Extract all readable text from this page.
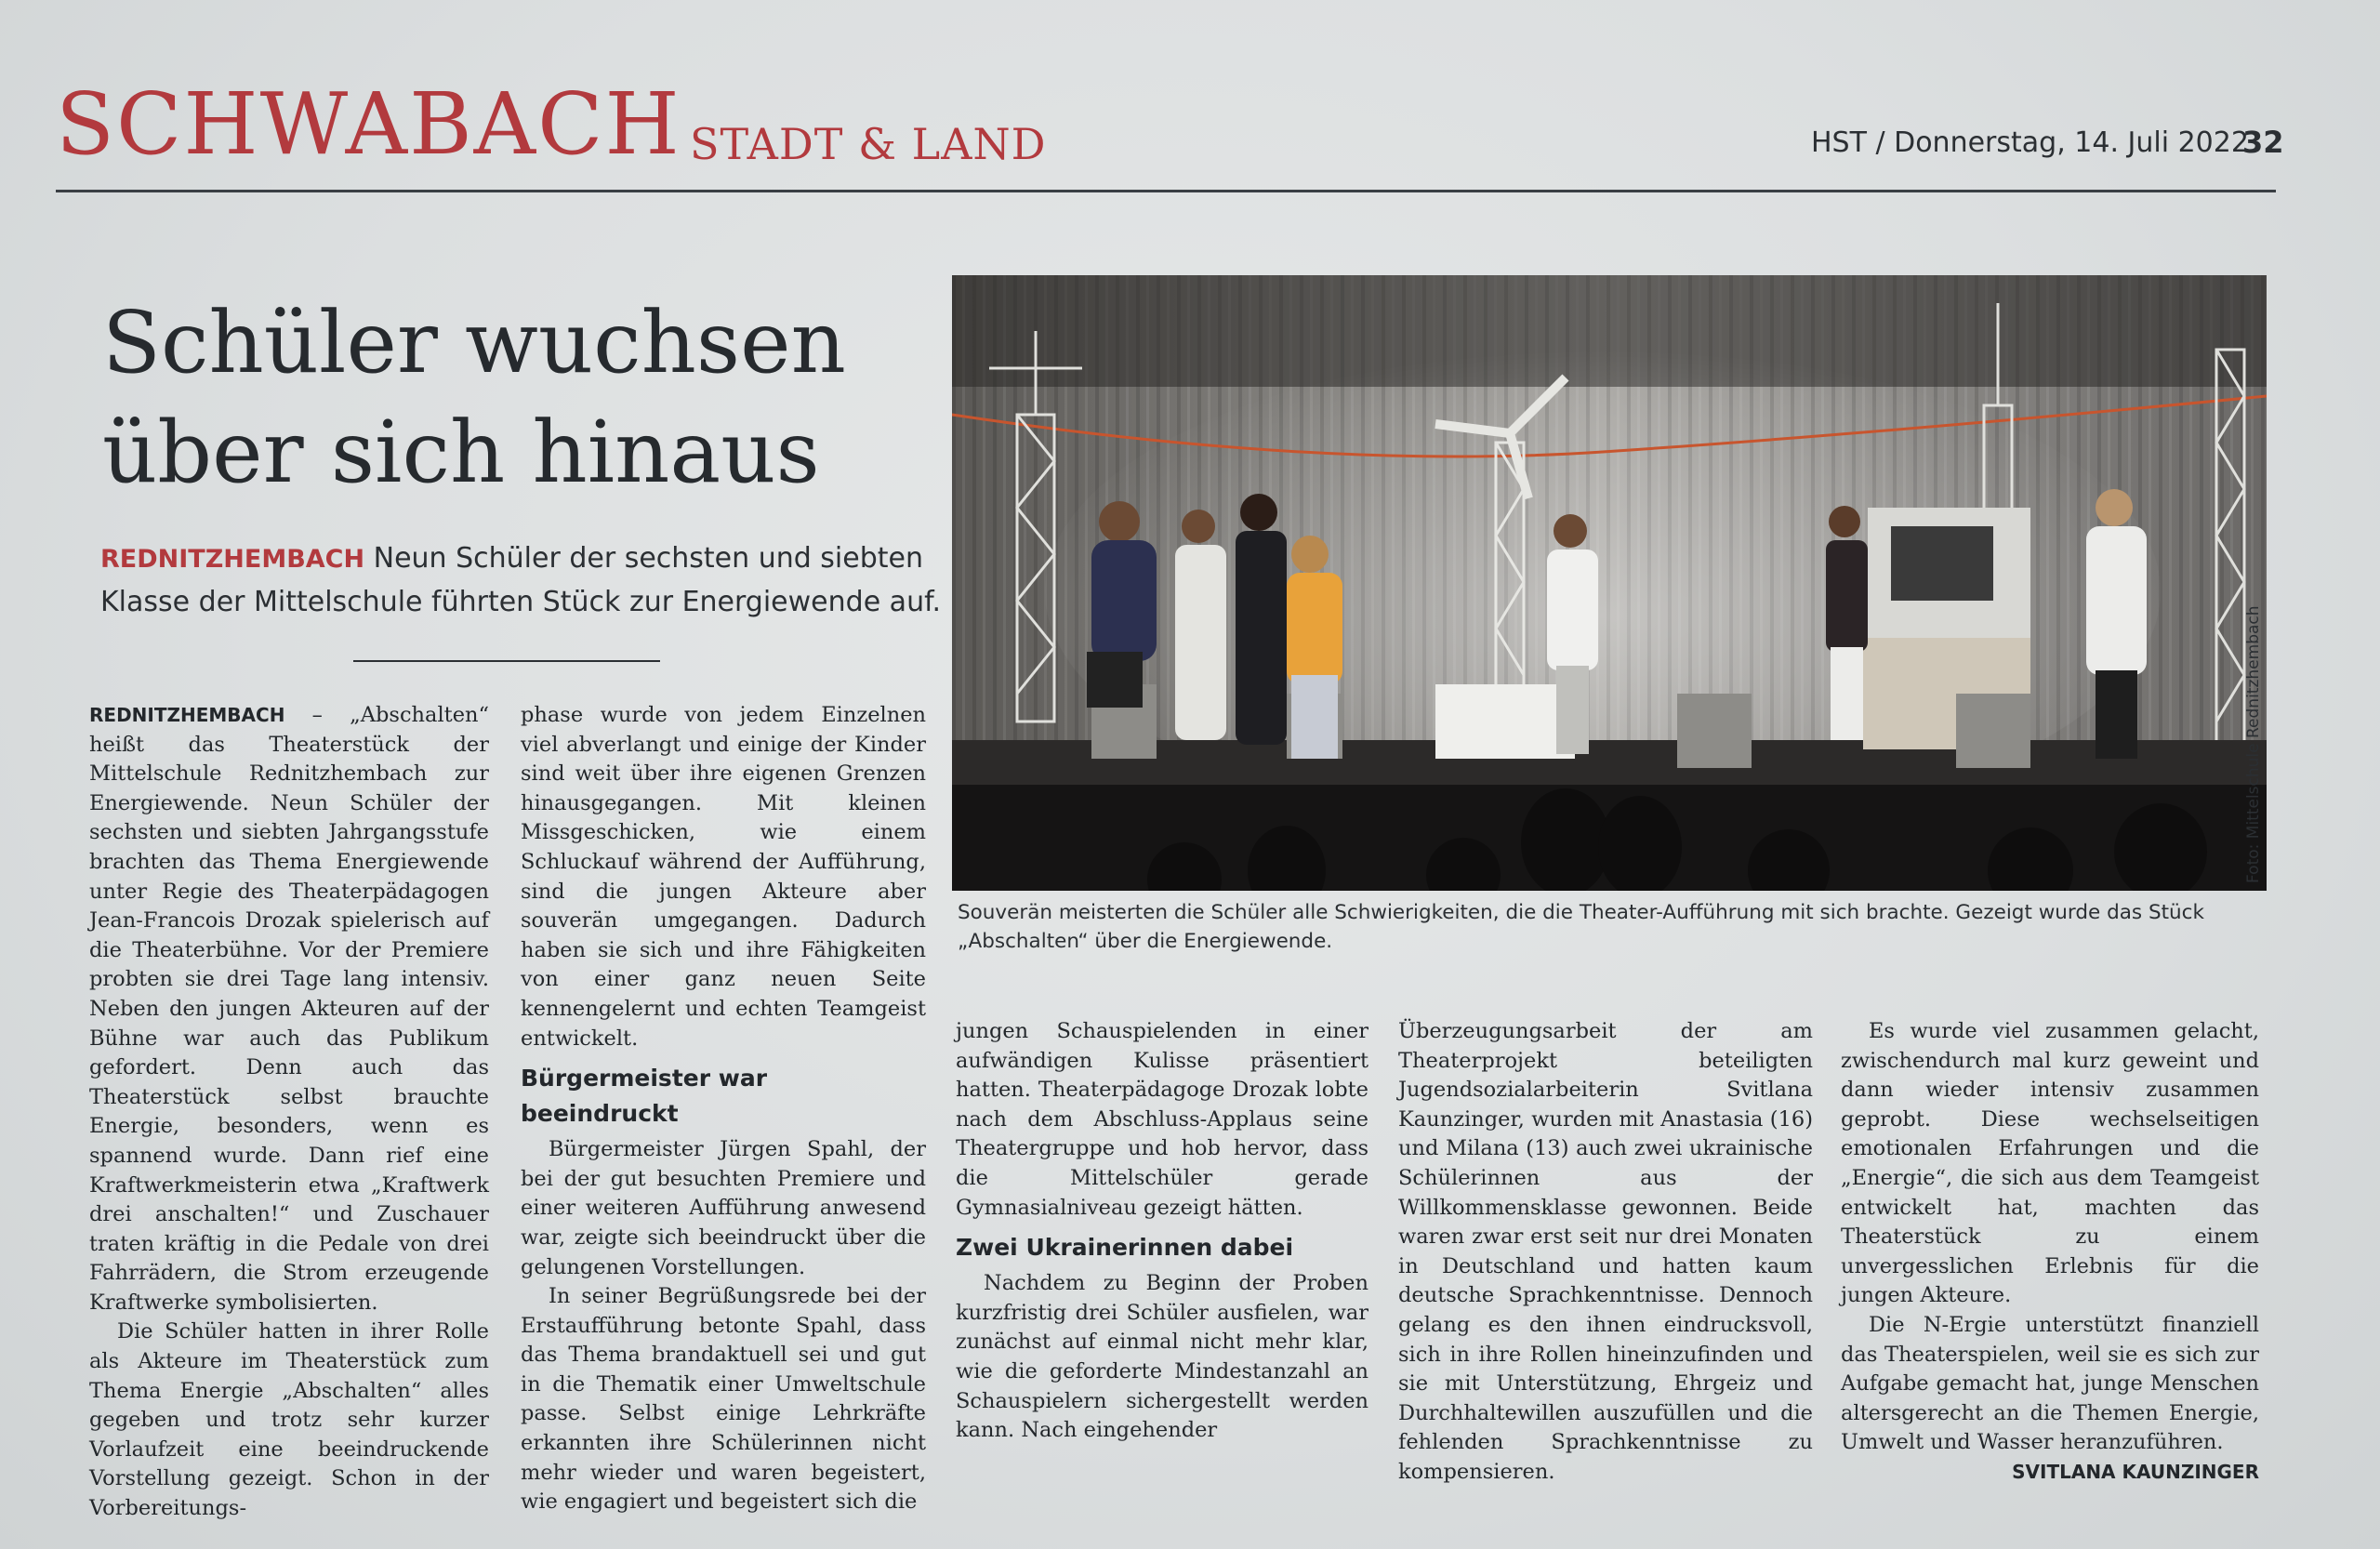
SCHWABACH STADT & LAND	HST / Donnerstag, 14. Juli 2022
32
Schüler wuchsen
über sich hinaus
REDNITZHEMBACH Neun Schüler der sechsten und siebten Klasse der Mittelschule führten Stück zur Energiewende auf.
Foto: Mittelschule Rednitzhembach
Souverän meisterten die Schüler alle Schwierigkeiten, die die Theater-Aufführung mit sich brachte. Gezeigt wurde das Stück „Abschalten“ über die Energiewende.

REDNITZHEMBACH – „Abschalten“ heißt das Theaterstück der Mittelschule Rednitzhembach zur Energiewende. Neun Schüler der sechsten und siebten Jahrgangsstufe brachten das Thema Energiewende unter Regie des Theaterpädagogen Jean-Francois Drozak spielerisch auf die Theaterbühne. Vor der Premiere probten sie drei Tage lang intensiv. Neben den jungen Akteuren auf der Bühne war auch das Publikum gefordert. Denn auch das Theaterstück selbst brauchte Energie, besonders, wenn es spannend wurde. Dann rief eine Kraftwerkmeisterin etwa „Kraftwerk drei anschalten!“ und Zuschauer traten kräftig in die Pedale von drei Fahrrädern, die Strom erzeugende Kraftwerke symbolisierten.

Die Schüler hatten in ihrer Rolle als Akteure im Theaterstück zum Thema Energie „Abschalten“ alles gegeben und trotz sehr kurzer Vorlaufzeit eine beeindruckende Vorstellung gezeigt. Schon in der Vorbereitungs-

phase wurde von jedem Einzelnen viel abverlangt und einige der Kinder sind weit über ihre eigenen Grenzen hinausgegangen. Mit kleinen Missgeschicken, wie einem Schluckauf während der Aufführung, sind die jungen Akteure aber souverän umgegangen. Dadurch haben sie sich und ihre Fähigkeiten von einer ganz neuen Seite kennengelernt und echten Teamgeist entwickelt.

Bürgermeister war beeindruckt

Bürgermeister Jürgen Spahl, der bei der gut besuchten Premiere und einer weiteren Aufführung anwesend war, zeigte sich beeindruckt über die gelungenen Vorstellungen.

In seiner Begrüßungsrede bei der Erstaufführung betonte Spahl, dass das Thema brandaktuell sei und gut in die Thematik einer Umweltschule passe. Selbst einige Lehrkräfte erkannten ihre Schülerinnen nicht mehr wieder und waren begeistert, wie engagiert und begeistert sich die

jungen Schauspielenden in einer aufwändigen Kulisse präsentiert hatten. Theaterpädagoge Drozak lobte nach dem Abschluss-Applaus seine Theatergruppe und hob hervor, dass die Mittelschüler gerade Gymnasialniveau gezeigt hätten.

Zwei Ukrainerinnen dabei

Nachdem zu Beginn der Proben kurzfristig drei Schüler ausfielen, war zunächst auf einmal nicht mehr klar, wie die geforderte Mindestanzahl an Schauspielern sichergestellt werden kann. Nach eingehender

Überzeugungsarbeit der am Theaterprojekt beteiligten Jugendsozialarbeiterin Svitlana Kaunzinger, wurden mit Anastasia (16) und Milana (13) auch zwei ukrainische Schülerinnen aus der Willkommensklasse gewonnen. Beide waren zwar erst seit nur drei Monaten in Deutschland und hatten kaum deutsche Sprachkenntnisse. Dennoch gelang es den ihnen eindrucksvoll, sich in ihre Rollen hineinzufinden und sie mit Unterstützung, Ehrgeiz und Durchhaltewillen auszufüllen und die fehlenden Sprachkenntnisse zu kompensieren.

Es wurde viel zusammen gelacht, zwischendurch mal kurz geweint und dann wieder intensiv zusammen geprobt. Diese wechselseitigen emotionalen Erfahrungen und die „Energie“, die sich aus dem Teamgeist entwickelt hat, machten das Theaterstück zu einem unvergesslichen Erlebnis für die jungen Akteure.

Die N-Ergie unterstützt finanziell das Theaterspielen, weil sie es sich zur Aufgabe gemacht hat, junge Menschen altersgerecht an die Themen Energie, Umwelt und Wasser heranzuführen.
SVITLANA KAUNZINGER
